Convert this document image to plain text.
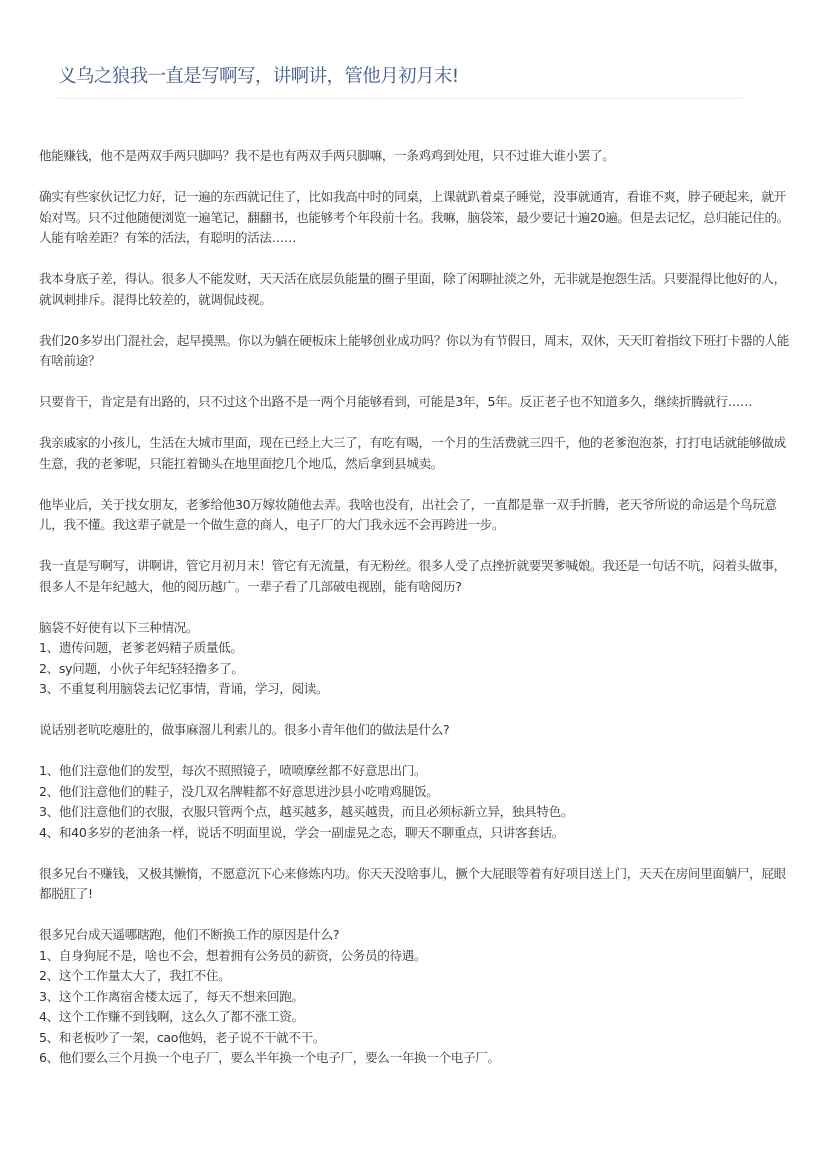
义乌之狼我一直是写啊写，讲啊讲，管他月初月末!

他能赚钱，他不是两双手两只脚吗？我不是也有两双手两只脚嘛，一条鸡鸡到处甩，只不过谁大谁小罢了。

确实有些家伙记忆力好，记一遍的东西就记住了，比如我高中时的同桌，上课就趴着桌子睡觉，没事就通宵，看谁不爽，脖子硬起来，就开始对骂。只不过他随便浏览一遍笔记，翻翻书，也能够考个年段前十名。我嘛，脑袋笨，最少要记十遍20遍。但是去记忆，总归能记住的。人能有啥差距？有笨的活法，有聪明的活法……

我本身底子差，得认。很多人不能发财，天天活在底层负能量的圈子里面，除了闲聊扯淡之外，无非就是抱怨生活。只要混得比他好的人，就讽刺排斥。混得比较差的，就调侃歧视。

我们20多岁出门混社会，起早摸黑。你以为躺在硬板床上能够创业成功吗？你以为有节假日，周末，双休，天天盯着指纹下班打卡器的人能有啥前途？

只要肯干，肯定是有出路的，只不过这个出路不是一两个月能够看到，可能是3年，5年。反正老子也不知道多久，继续折腾就行……

我亲戚家的小孩儿，生活在大城市里面，现在已经上大三了，有吃有喝，一个月的生活费就三四千，他的老爹泡泡茶，打打电话就能够做成生意，我的老爹呢，只能扛着锄头在地里面挖几个地瓜，然后拿到县城卖。

他毕业后，关于找女朋友，老爹给他30万嫁妆随他去弄。我啥也没有，出社会了，一直都是靠一双手折腾，老天爷所说的命运是个鸟玩意儿，我不懂。我这辈子就是一个做生意的商人，电子厂的大门我永远不会再跨进一步。

我一直是写啊写，讲啊讲，管它月初月末！管它有无流量，有无粉丝。很多人受了点挫折就要哭爹喊娘。我还是一句话不吭，闷着头做事，很多人不是年纪越大，他的阅历越广。一辈子看了几部破电视剧，能有啥阅历?

脑袋不好使有以下三种情况。

1、遗传问题，老爹老妈精子质量低。
2、sy问题，小伙子年纪轻轻撸多了。
3、不重复利用脑袋去记忆事情，背诵，学习，阅读。

说话别老吭吃瘪肚的，做事麻溜儿利索儿的。很多小青年他们的做法是什么?

1、他们注意他们的发型，每次不照照镜子，喷喷摩丝都不好意思出门。
2、他们注意他们的鞋子，没几双名牌鞋都不好意思进沙县小吃啃鸡腿饭。
3、他们注意他们的衣服，衣服只管两个点，越买越多，越买越贵，而且必须标新立异，独具特色。
4、和40多岁的老油条一样，说话不明面里说，学会一副虚晃之态，聊天不聊重点，只讲客套话。

很多兄台不赚钱，又极其懒惰，不愿意沉下心来修炼内功。你天天没啥事儿，撅个大屁眼等着有好项目送上门，天天在房间里面躺尸，屁眼都脱肛了!

很多兄台成天遥哪瞎跑，他们不断换工作的原因是什么?

1、自身狗屁不是，啥也不会，想着拥有公务员的薪资，公务员的待遇。
2、这个工作量太大了，我扛不住。
3、这个工作离宿舍楼太远了，每天不想来回跑。
4、这个工作赚不到钱啊，这么久了都不涨工资。
5、和老板吵了一架，cao他妈，老子说不干就不干。
6、他们要么三个月换一个电子厂，要么半年换一个电子厂，要么一年换一个电子厂。
